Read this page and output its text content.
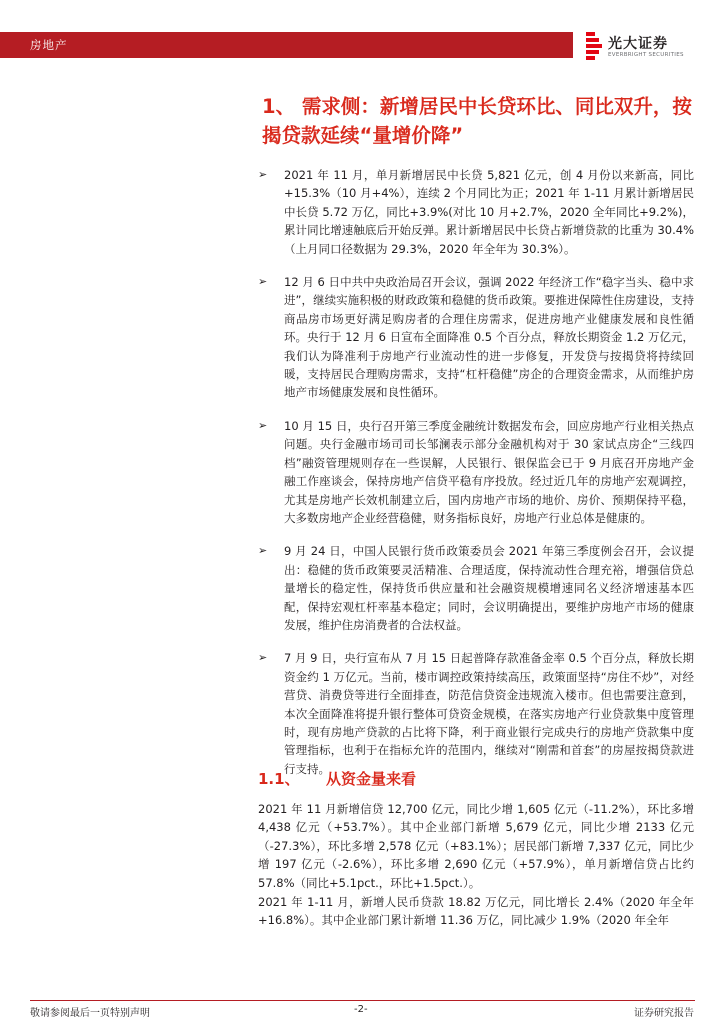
房地产	光大证券
EVERBRIGHT SECURITIES
1、 需求侧：新增居民中长贷环比、同比双升，按揭贷款延续“量增价降”
➢ 2021 年 11 月，单月新增居民中长贷 5,821 亿元，创 4 月份以来新高，同比+15.3%（10 月+4%），连续 2 个月同比为正；2021 年 1-11 月累计新增居民中长贷 5.72 万亿，同比+3.9%(对比 10 月+2.7%，2020 全年同比+9.2%)，累计同比增速触底后开始反弹。累计新增居民中长贷占新增贷款的比重为 30.4%（上月同口径数据为 29.3%，2020 年全年为 30.3%）。
➢ 12 月 6 日中共中央政治局召开会议，强调 2022 年经济工作“稳字当头、稳中求进”，继续实施积极的财政政策和稳健的货币政策。要推进保障性住房建设，支持商品房市场更好满足购房者的合理住房需求，促进房地产业健康发展和良性循环。央行于 12 月 6 日宣布全面降准 0.5 个百分点，释放长期资金 1.2 万亿元，我们认为降准利于房地产行业流动性的进一步修复，开发贷与按揭贷将持续回暖，支持居民合理购房需求，支持“杠杆稳健”房企的合理资金需求，从而维护房地产市场健康发展和良性循环。
➢ 10 月 15 日，央行召开第三季度金融统计数据发布会，回应房地产行业相关热点问题。央行金融市场司司长邹澜表示部分金融机构对于 30 家试点房企“三线四档”融资管理规则存在一些误解，人民银行、银保监会已于 9 月底召开房地产金融工作座谈会，保持房地产信贷平稳有序投放。经过近几年的房地产宏观调控，尤其是房地产长效机制建立后，国内房地产市场的地价、房价、预期保持平稳，大多数房地产企业经营稳健，财务指标良好，房地产行业总体是健康的。
➢ 9 月 24 日，中国人民银行货币政策委员会 2021 年第三季度例会召开，会议提出：稳健的货币政策要灵活精准、合理适度，保持流动性合理充裕，增强信贷总量增长的稳定性，保持货币供应量和社会融资规模增速同名义经济增速基本匹配，保持宏观杠杆率基本稳定；同时，会议明确提出，要维护房地产市场的健康发展，维护住房消费者的合法权益。
➢ 7 月 9 日，央行宣布从 7 月 15 日起普降存款准备金率 0.5 个百分点，释放长期资金约 1 万亿元。当前，楼市调控政策持续高压，政策面坚持“房住不炒”，对经营贷、消费贷等进行全面排查，防范信贷资金违规流入楼市。但也需要注意到，本次全面降准将提升银行整体可贷资金规模，在落实房地产行业贷款集中度管理时，现有房地产贷款的占比将下降，利于商业银行完成央行的房地产贷款集中度管理指标，也利于在指标允许的范围内，继续对“刚需和首套”的房屋按揭贷款进行支持。
1.1、 从资金量来看

2021 年 11 月新增信贷 12,700 亿元，同比少增 1,605 亿元（-11.2%），环比多增 4,438 亿元（+53.7%）。其中企业部门新增 5,679 亿元，同比少增 2133 亿元（-27.3%），环比多增 2,578 亿元（+83.1%）；居民部门新增 7,337 亿元，同比少增 197 亿元（-2.6%），环比多增 2,690 亿元（+57.9%），单月新增信贷占比约 57.8%（同比+5.1pct.，环比+1.5pct.）。

2021 年 1-11 月，新增人民币贷款 18.82 万亿元，同比增长 2.4%（2020 年全年+16.8%）。其中企业部门累计新增 11.36 万亿，同比减少 1.9%（2020 年全年

敬请参阅最后一页特别声明	-2-	证券研究报告
